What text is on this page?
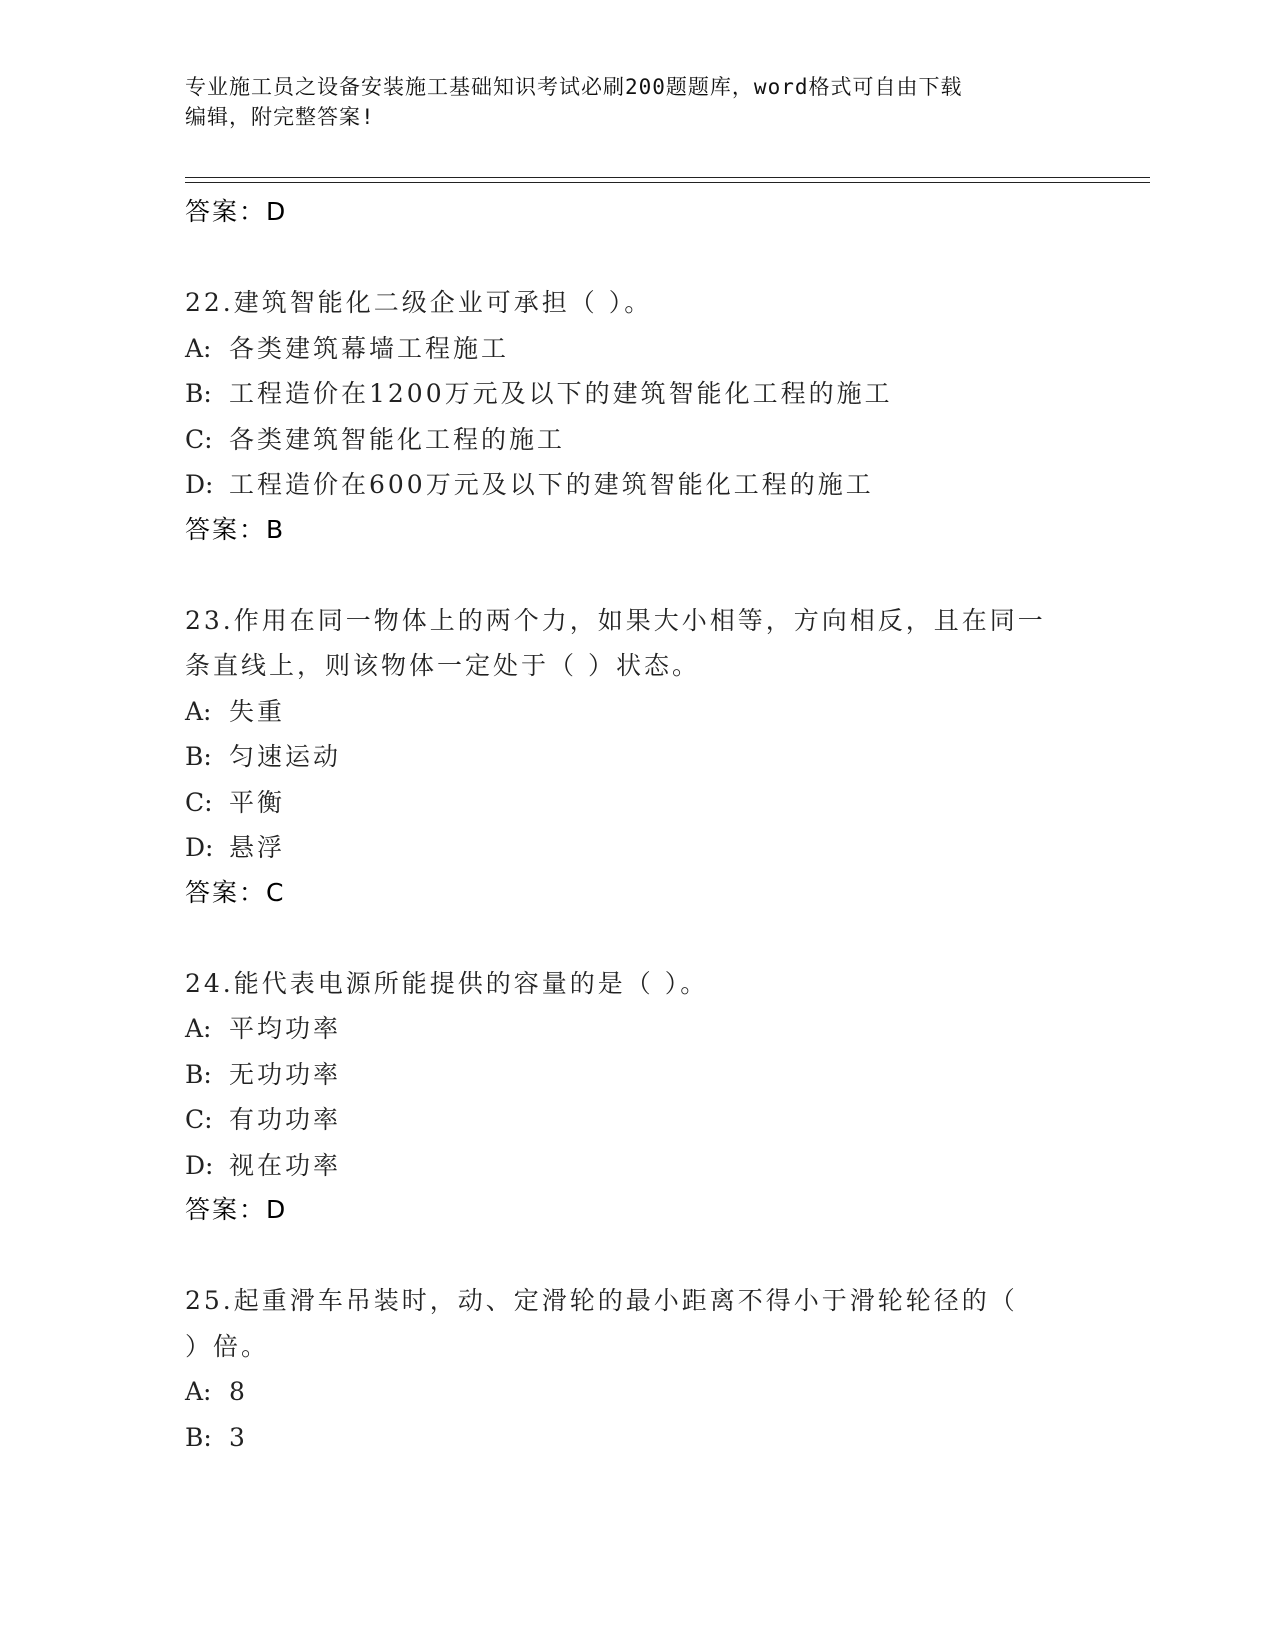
专业施工员之设备安装施工基础知识考试必刷200题题库，word格式可自由下载
编辑，附完整答案!

答案：D

22.建筑智能化二级企业可承担（ ）。

A: 各类建筑幕墙工程施工

B: 工程造价在1200万元及以下的建筑智能化工程的施工

C: 各类建筑智能化工程的施工

D: 工程造价在600万元及以下的建筑智能化工程的施工

答案：B

23.作用在同一物体上的两个力，如果大小相等，方向相反，且在同一

条直线上，则该物体一定处于（ ）状态。

A: 失重

B: 匀速运动

C: 平衡

D: 悬浮

答案：C

24.能代表电源所能提供的容量的是（ ）。

A: 平均功率

B: 无功功率

C: 有功功率

D: 视在功率

答案：D

25.起重滑车吊装时，动、定滑轮的最小距离不得小于滑轮轮径的（

）倍。

A: 8

B: 3
